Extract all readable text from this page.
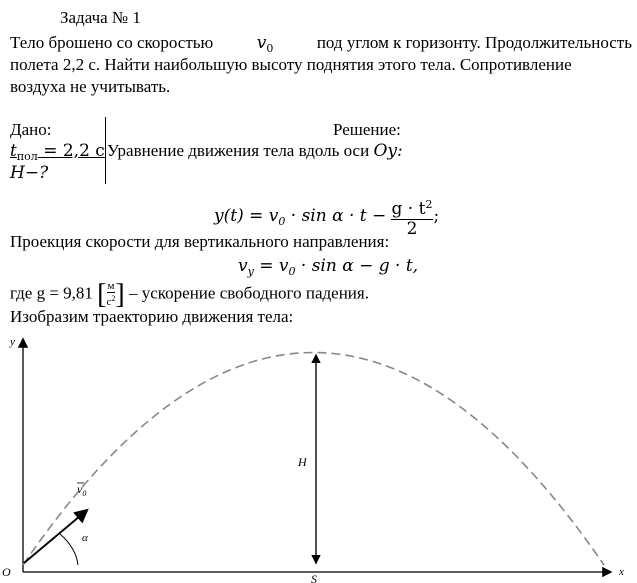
Задача № 1
Тело брошено со скоростью	$v_0$	под углом к горизонту. Продолжительность
полета 2,2 с. Найти наибольшую высоту поднятия этого тела. Сопротивление
воздуха не учитывать.
Дано:
$t_{пол} = 2,2$ с
H−?
Решение:
Уравнение движения тела вдоль оси Oy:
$y(t) = v_0 \cdot \sin \alpha \cdot t - \frac{g \cdot t^2}{2}$ ;
Проекция скорости для вертикального направления:
$v_y = v_0 \cdot \sin \alpha - g \cdot t$,
где g = 9,81 [ $\frac{м}{с^2}$ ] – ускорение свободного падения.
Изобразим траекторию движения тела:
y
x
O
H
S
α
$v_0$
